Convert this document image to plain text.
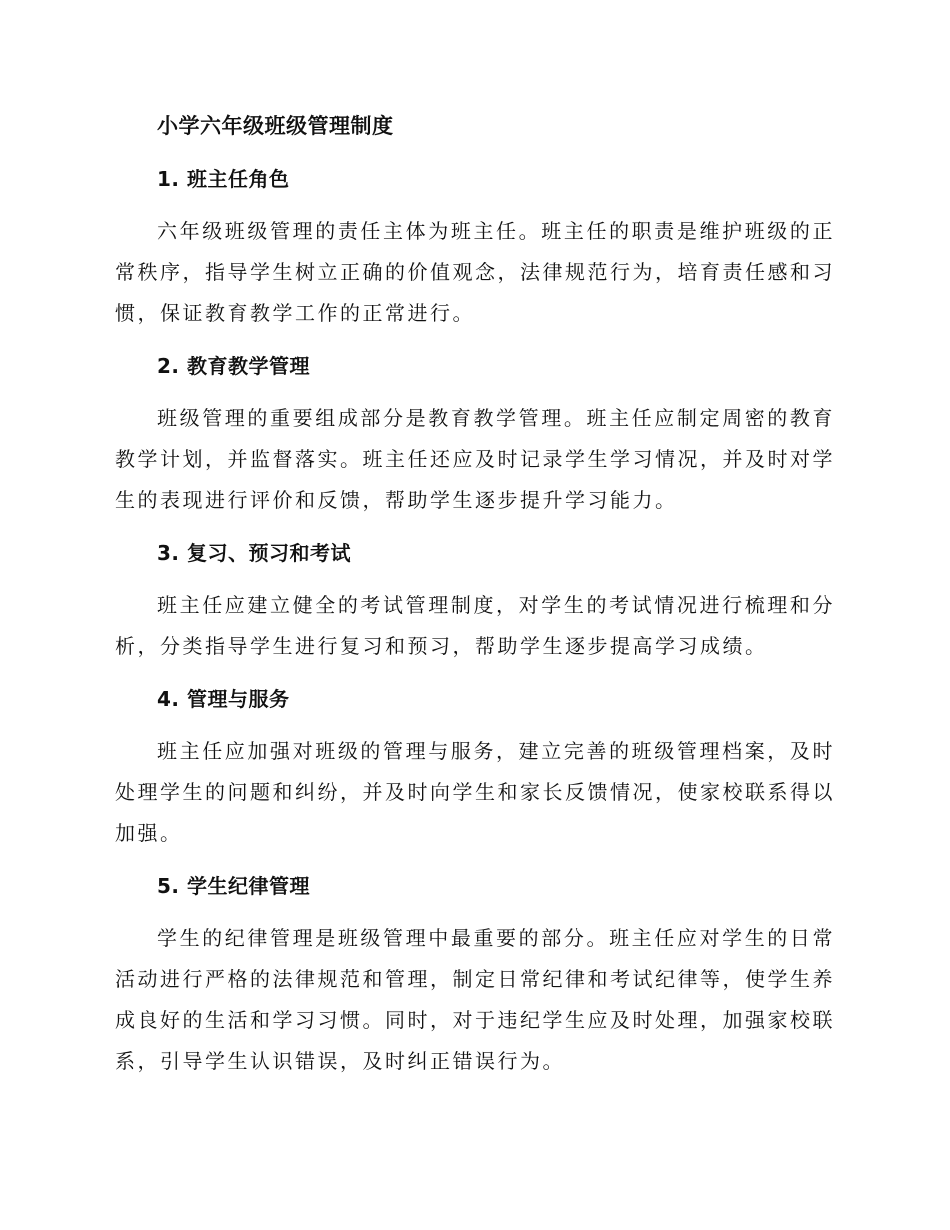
小学六年级班级管理制度
1. 班主任角色

六年级班级管理的责任主体为班主任。班主任的职责是维护班级的正常秩序，指导学生树立正确的价值观念，法律规范行为，培育责任感和习惯，保证教育教学工作的正常进行。

2. 教育教学管理

班级管理的重要组成部分是教育教学管理。班主任应制定周密的教育教学计划，并监督落实。班主任还应及时记录学生学习情况，并及时对学生的表现进行评价和反馈，帮助学生逐步提升学习能力。

3. 复习、预习和考试

班主任应建立健全的考试管理制度，对学生的考试情况进行梳理和分析，分类指导学生进行复习和预习，帮助学生逐步提高学习成绩。

4. 管理与服务

班主任应加强对班级的管理与服务，建立完善的班级管理档案，及时处理学生的问题和纠纷，并及时向学生和家长反馈情况，使家校联系得以加强。

5. 学生纪律管理

学生的纪律管理是班级管理中最重要的部分。班主任应对学生的日常活动进行严格的法律规范和管理，制定日常纪律和考试纪律等，使学生养成良好的生活和学习习惯。同时，对于违纪学生应及时处理，加强家校联系，引导学生认识错误，及时纠正错误行为。
